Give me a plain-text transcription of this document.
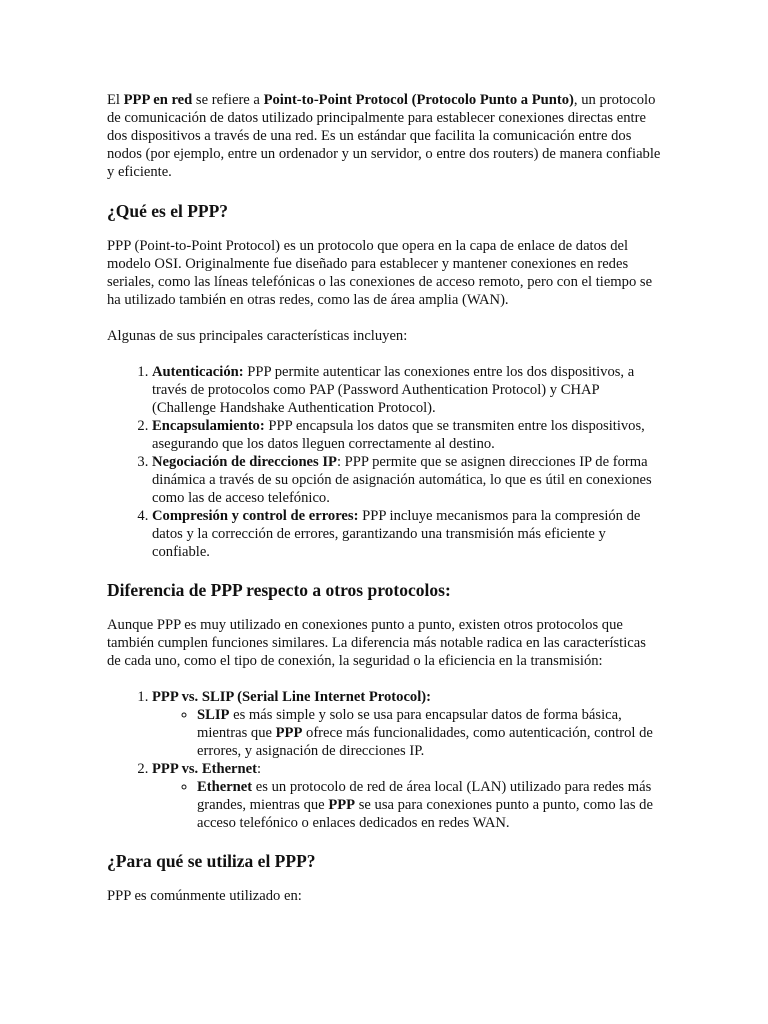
El PPP en red se refiere a Point-to-Point Protocol (Protocolo Punto a Punto), un protocolo de comunicación de datos utilizado principalmente para establecer conexiones directas entre dos dispositivos a través de una red. Es un estándar que facilita la comunicación entre dos nodos (por ejemplo, entre un ordenador y un servidor, o entre dos routers) de manera confiable y eficiente.

¿Qué es el PPP?

PPP (Point-to-Point Protocol) es un protocolo que opera en la capa de enlace de datos del modelo OSI. Originalmente fue diseñado para establecer y mantener conexiones en redes seriales, como las líneas telefónicas o las conexiones de acceso remoto, pero con el tiempo se ha utilizado también en otras redes, como las de área amplia (WAN).

Algunas de sus principales características incluyen:

1. Autenticación: PPP permite autenticar las conexiones entre los dos dispositivos, a través de protocolos como PAP (Password Authentication Protocol) y CHAP (Challenge Handshake Authentication Protocol).
2. Encapsulamiento: PPP encapsula los datos que se transmiten entre los dispositivos, asegurando que los datos lleguen correctamente al destino.
3. Negociación de direcciones IP: PPP permite que se asignen direcciones IP de forma dinámica a través de su opción de asignación automática, lo que es útil en conexiones como las de acceso telefónico.
4. Compresión y control de errores: PPP incluye mecanismos para la compresión de datos y la corrección de errores, garantizando una transmisión más eficiente y confiable.
Diferencia de PPP respecto a otros protocolos:

Aunque PPP es muy utilizado en conexiones punto a punto, existen otros protocolos que también cumplen funciones similares. La diferencia más notable radica en las características de cada uno, como el tipo de conexión, la seguridad o la eficiencia en la transmisión:

1. PPP vs. SLIP (Serial Line Internet Protocol):
◦ SLIP es más simple y solo se usa para encapsular datos de forma básica, mientras que PPP ofrece más funcionalidades, como autenticación, control de errores, y asignación de direcciones IP.
2. PPP vs. Ethernet:
◦ Ethernet es un protocolo de red de área local (LAN) utilizado para redes más grandes, mientras que PPP se usa para conexiones punto a punto, como las de acceso telefónico o enlaces dedicados en redes WAN.
¿Para qué se utiliza el PPP?

PPP es comúnmente utilizado en:
